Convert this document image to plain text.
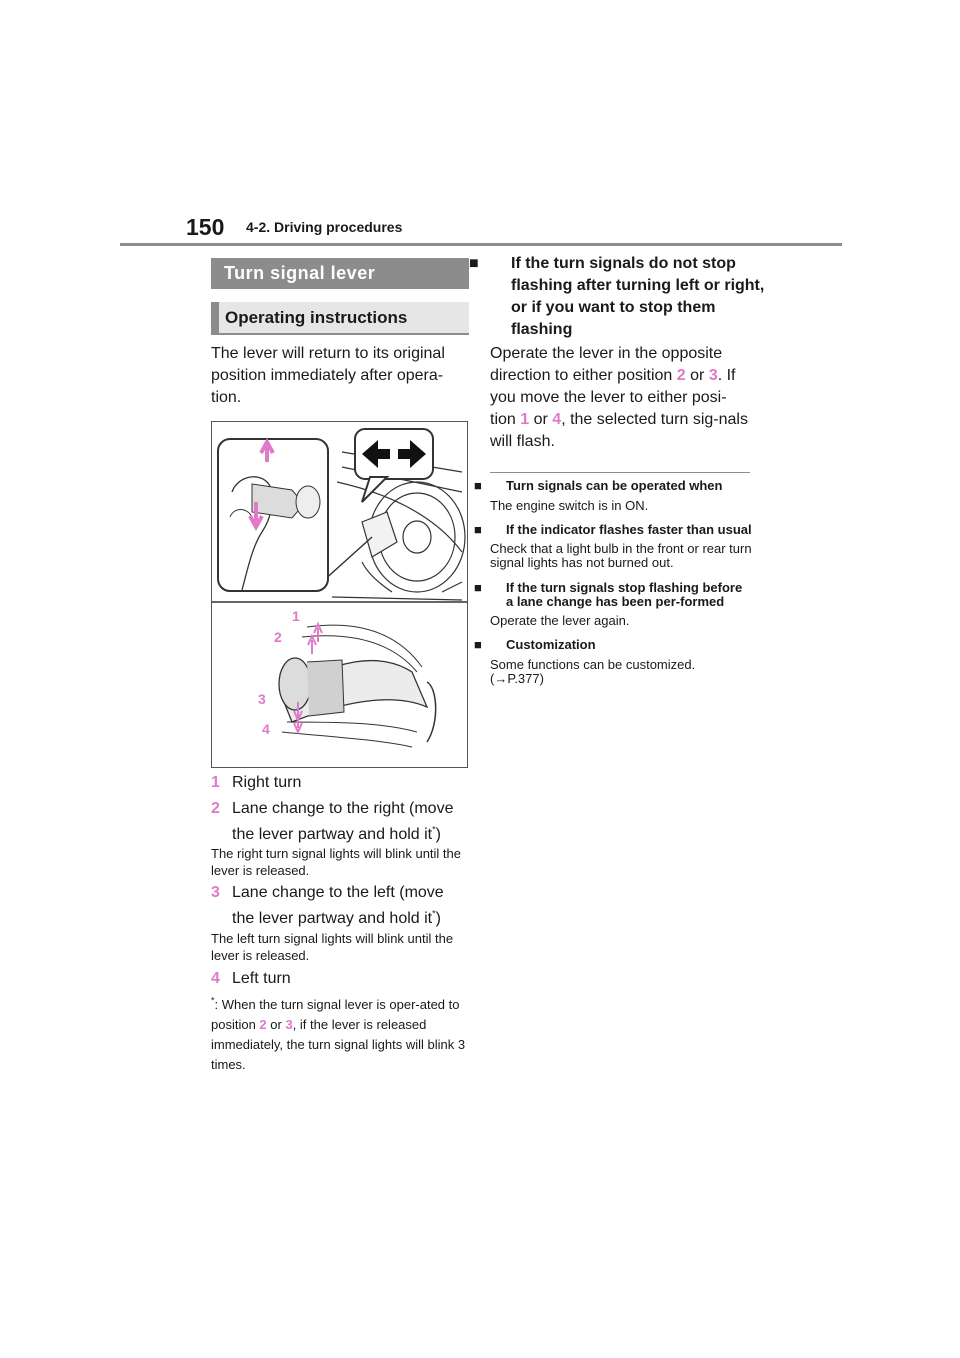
150 4-2. Driving procedures
Turn signal lever
Operating instructions
The lever will return to its original position immediately after opera-tion.
1
2
3
4
1 Right turn
2 Lane change to the right (move
the lever partway and hold it*)
The right turn signal lights will blink until the lever is released.
3 Lane change to the left (move
the lever partway and hold it*)
The left turn signal lights will blink until the lever is released.
4 Left turn
*: When the turn signal lever is oper-ated to position 2 or 3, if the lever is released immediately, the turn signal lights will blink 3 times.
■ If the turn signals do not stop flashing after turning left or right, or if you want to stop them flashing
Operate the lever in the opposite direction to either position 2 or 3. If you move the lever to either posi-tion 1 or 4, the selected turn sig-nals will flash.
■ Turn signals can be operated when
The engine switch is in ON.
■ If the indicator flashes faster than usual
Check that a light bulb in the front or rear turn signal lights has not burned out.
■ If the turn signals stop flashing before a lane change has been per-formed
Operate the lever again.
■ Customization
Some functions can be customized. (→P.377)
